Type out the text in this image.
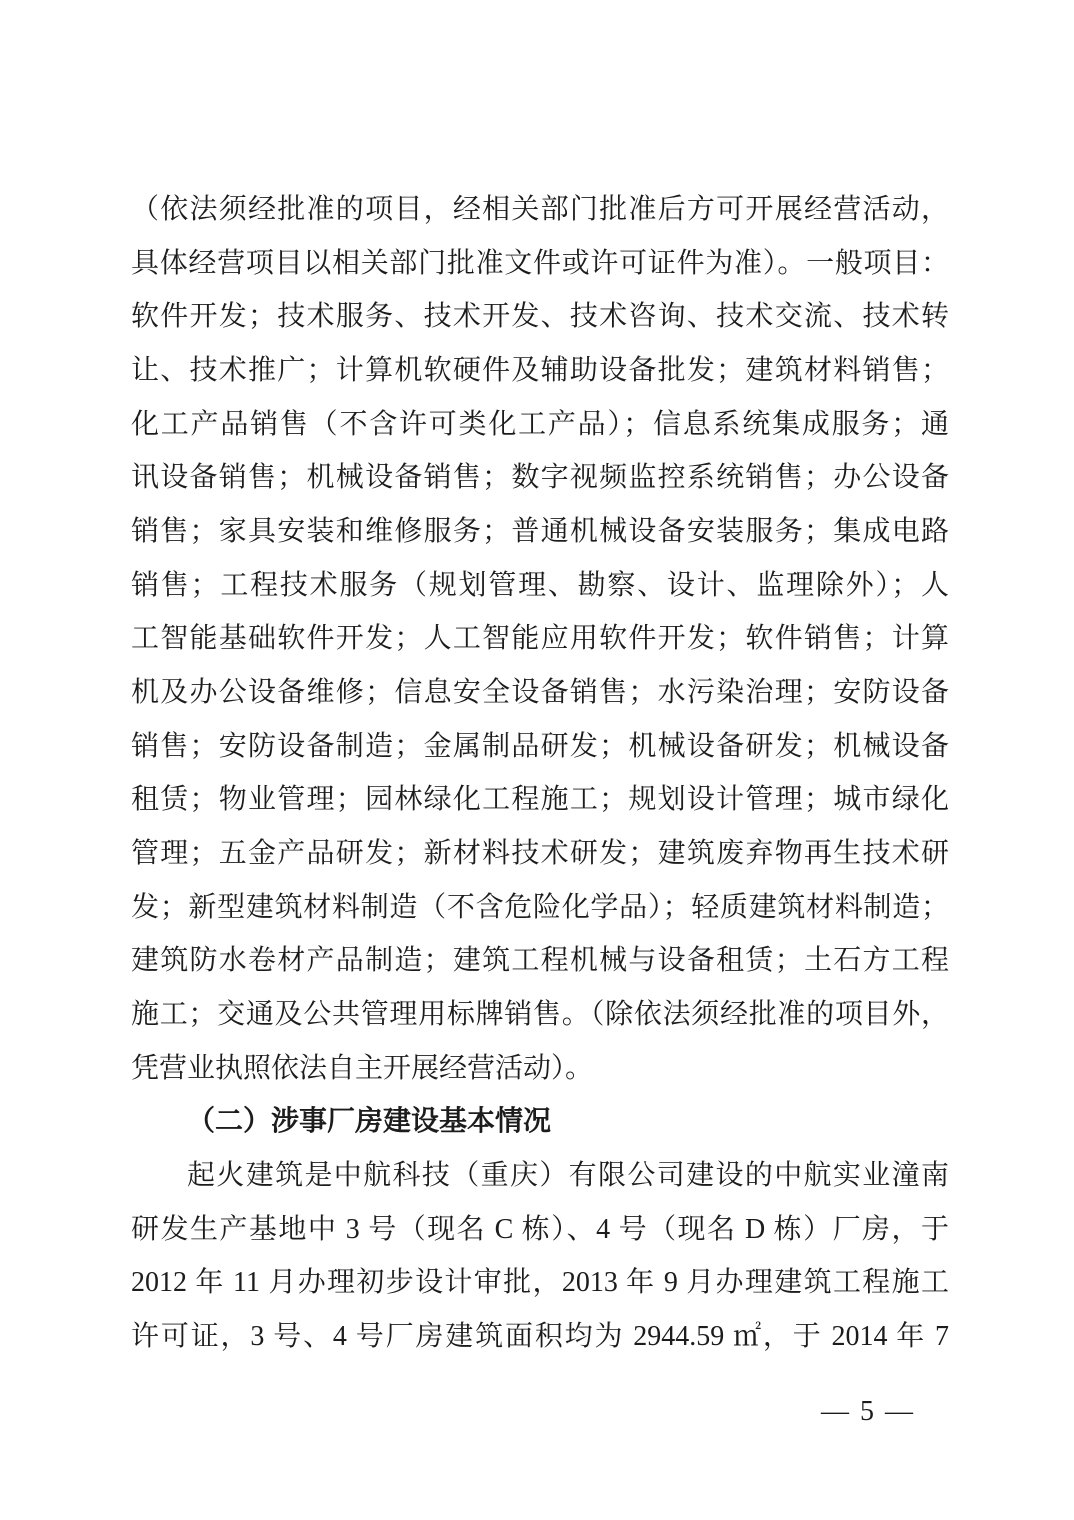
（依法须经批准的项目，经相关部门批准后方可开展经营活动，

具体经营项目以相关部门批准文件或许可证件为准）。一般项目：

软件开发；技术服务、技术开发、技术咨询、技术交流、技术转

让、技术推广；计算机软硬件及辅助设备批发；建筑材料销售；

化工产品销售（不含许可类化工产品）；信息系统集成服务；通

讯设备销售；机械设备销售；数字视频监控系统销售；办公设备

销售；家具安装和维修服务；普通机械设备安装服务；集成电路

销售；工程技术服务（规划管理、勘察、设计、监理除外）；人

工智能基础软件开发；人工智能应用软件开发；软件销售；计算

机及办公设备维修；信息安全设备销售；水污染治理；安防设备

销售；安防设备制造；金属制品研发；机械设备研发；机械设备

租赁；物业管理；园林绿化工程施工；规划设计管理；城市绿化

管理；五金产品研发；新材料技术研发；建筑废弃物再生技术研

发；新型建筑材料制造（不含危险化学品）；轻质建筑材料制造；

建筑防水卷材产品制造；建筑工程机械与设备租赁；土石方工程

施工；交通及公共管理用标牌销售。（除依法须经批准的项目外，

凭营业执照依法自主开展经营活动）。

（二）涉事厂房建设基本情况

起火建筑是中航科技（重庆）有限公司建设的中航实业潼南

研发生产基地中 3 号（现名 C 栋）、4 号（现名 D 栋）厂房，于

2012 年 11 月办理初步设计审批，2013 年 9 月办理建筑工程施工

许可证，3 号、4 号厂房建筑面积均为 2944.59 ㎡，于 2014 年 7

— 5 —
